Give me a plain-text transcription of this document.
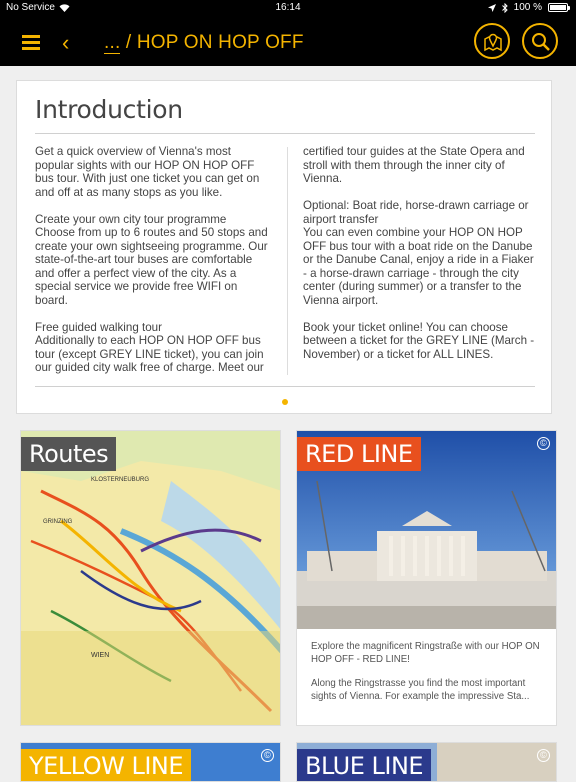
No Service	16:14	100 %
‹ ... / HOP ON HOP OFF
Introduction

Get a quick overview of Vienna's most popular sights with our HOP ON HOP OFF bus tour. With just one ticket you can get on and off at as many stops as you like.

Create your own city tour programme
Choose from up to 6 routes and 50 stops and create your own sightseeing programme. Our state-of-the-art tour buses are comfortable and offer a perfect view of the city. As a special service we provide free WIFI on board.

Free guided walking tour
Additionally to each HOP ON HOP OFF bus tour (except GREY LINE ticket), you can join our guided city walk free of charge. Meet our

certified tour guides at the State Opera and stroll with them through the inner city of Vienna.

Optional: Boat ride, horse-drawn carriage or airport transfer
You can even combine your HOP ON HOP OFF bus tour with a boat ride on the Danube or the Danube Canal, enjoy a ride in a Fiaker - a horse-drawn carriage - through the city center (during summer) or a transfer to the Vienna airport.

Book your ticket online! You can choose between a ticket for the GREY LINE (March - November) or a ticket for ALL LINES.

KLOSTERNEUBURG
GRINZING
WIEN
Routes	RED LINE	©

Explore the magnificent Ringstraße with our HOP ON HOP OFF - RED LINE!

Along the Ringstrasse you find the most important sights of Vienna. For example the impressive Sta...

YELLOW LINE	©	BLUE LINE	©
